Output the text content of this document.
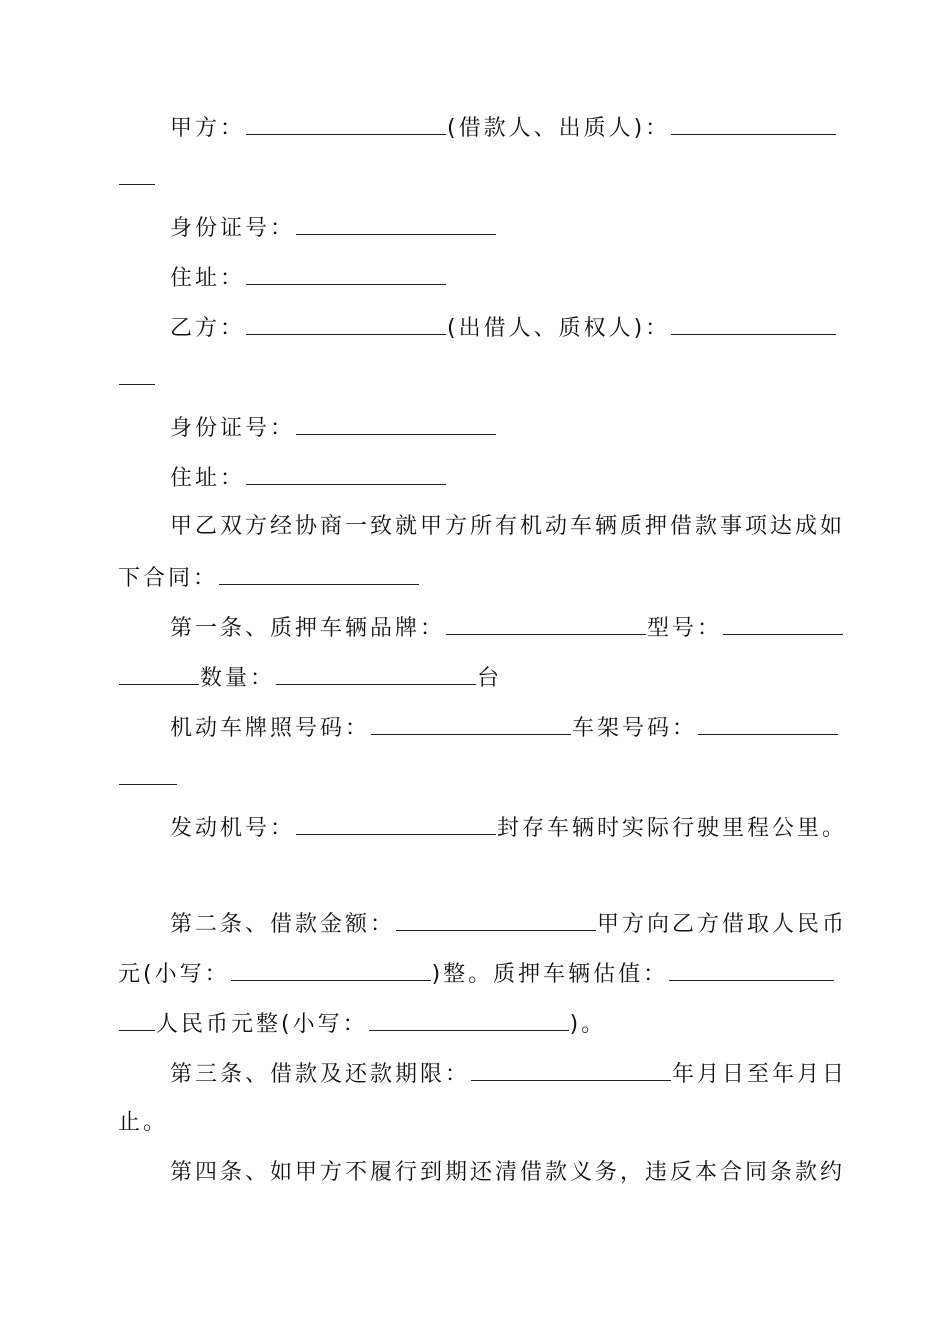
甲方：	(借款人、出质人)：
身份证号：
住址：
乙方：	(出借人、质权人)：
身份证号：
住址：
甲乙双方经协商一致就甲方所有机动车辆质押借款事项达成如
下合同：
第一条、质押车辆品牌：	型号：
数量：	台
机动车牌照号码：	车架号码：
发动机号：	封存车辆时实际行驶里程公里。
第二条、借款金额：	甲方向乙方借取人民币
元(小写：	)整。质押车辆估值：
人民币元整(小写：	)。
第三条、借款及还款期限：	年月日至年月日
止。
第四条、如甲方不履行到期还清借款义务，违反本合同条款约
